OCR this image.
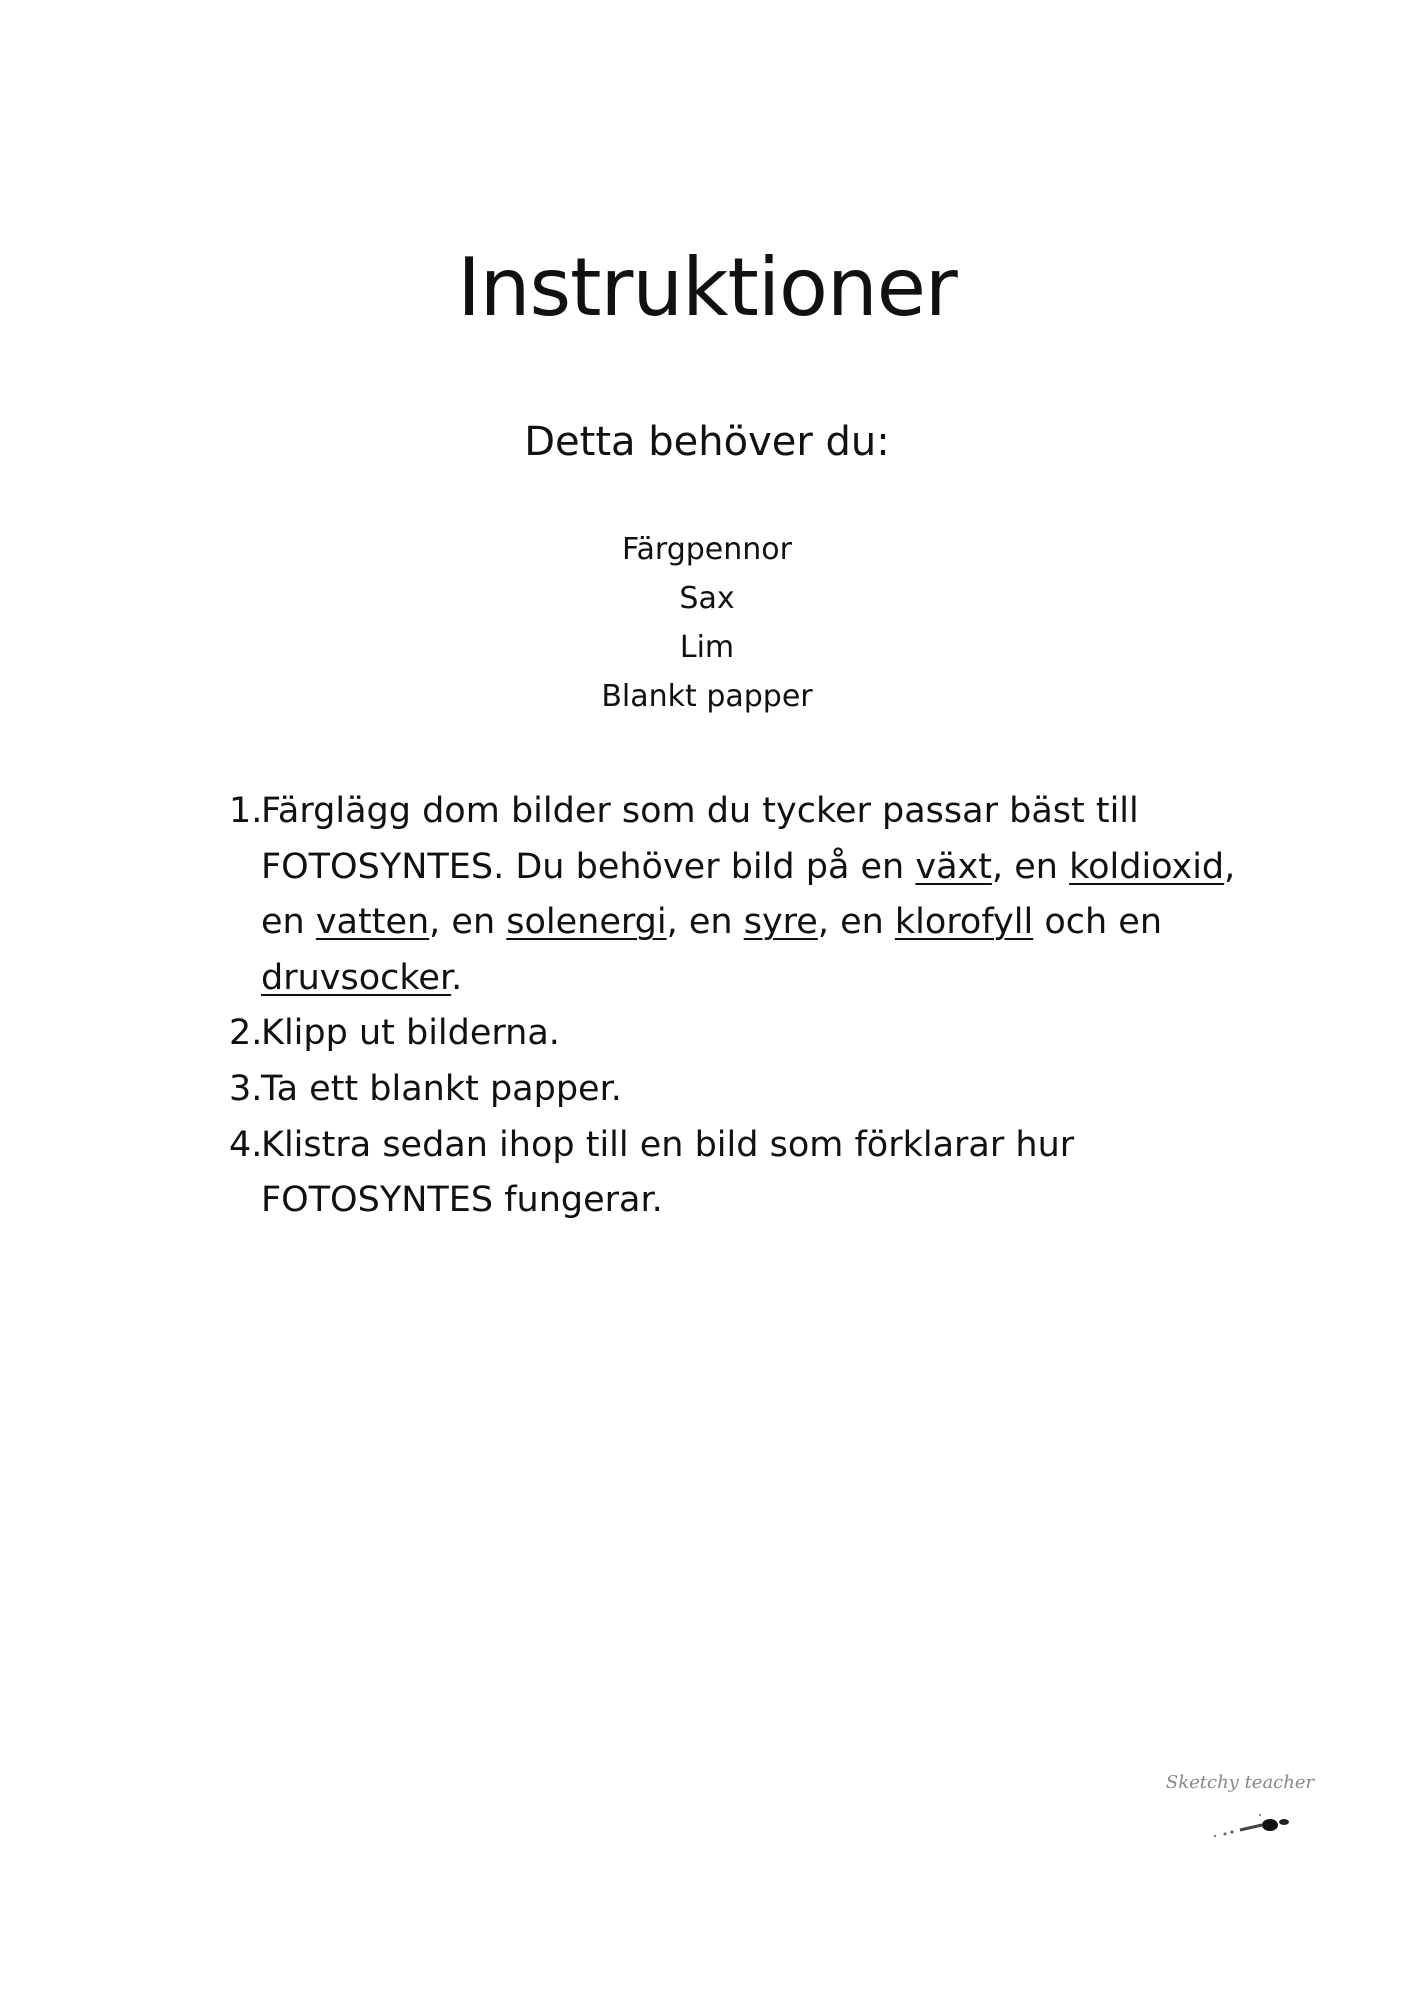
Instruktioner
Detta behöver du:
Färgpennor
Sax
Lim
Blankt papper
1.
Färglägg dom bilder som du tycker passar bäst till FOTOSYNTES. Du behöver bild på en växt, en koldioxid, en vatten, en solenergi, en syre, en klorofyll och en druvsocker.
2.
Klipp ut bilderna.
3.
Ta ett blankt papper.
4.
Klistra sedan ihop till en bild som förklarar hur FOTOSYNTES fungerar.
Sketchy teacher
